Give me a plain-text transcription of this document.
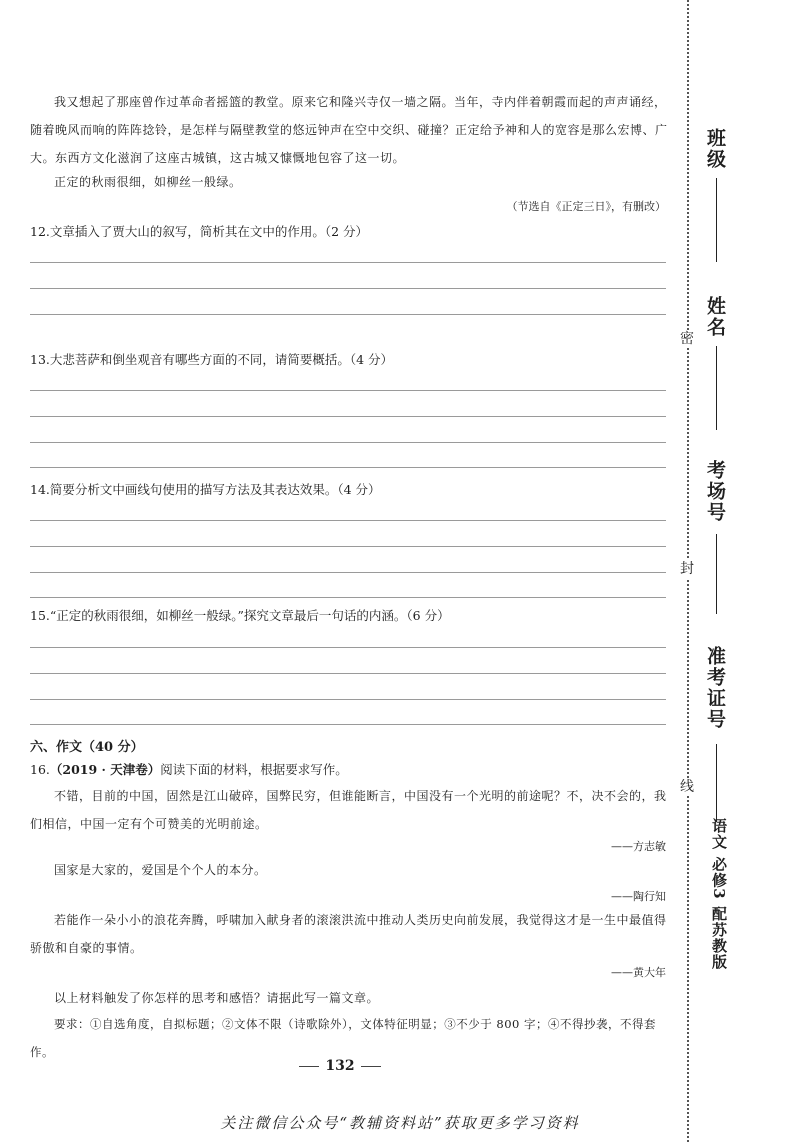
我又想起了那座曾作过革命者摇篮的教堂。原来它和隆兴寺仅一墙之隔。当年，寺内伴着朝霞而起的声声诵经，随着晚风而响的阵阵捻铃，是怎样与隔壁教堂的悠远钟声在空中交织、碰撞？正定给予神和人的宽容是那么宏博、广大。东西方文化滋润了这座古城镇，这古城又慷慨地包容了这一切。

正定的秋雨很细，如柳丝一般绿。

（节选自《正定三日》，有删改）

12.文章插入了贾大山的叙写，简析其在文中的作用。（2 分）

13.大悲菩萨和倒坐观音有哪些方面的不同，请简要概括。（4 分）

14.简要分析文中画线句使用的描写方法及其表达效果。（4 分）

15.“正定的秋雨很细，如柳丝一般绿。”探究文章最后一句话的内涵。（6 分）

六、作文（40 分）

16.（2019 · 天津卷）阅读下面的材料，根据要求写作。

不错，目前的中国，固然是江山破碎，国弊民穷，但谁能断言，中国没有一个光明的前途呢？不，决不会的，我们相信，中国一定有个可赞美的光明前途。

——方志敏

国家是大家的，爱国是个个人的本分。

——陶行知

若能作一朵小小的浪花奔腾，呼啸加入献身者的滚滚洪流中推动人类历史向前发展，我觉得这才是一生中最值得骄傲和自豪的事情。

——黄大年

以上材料触发了你怎样的思考和感悟？请据此写一篇文章。

要求：①自选角度，自拟标题；②文体不限（诗歌除外），文体特征明显；③不少于 800 字；④不得抄袭，不得套作。

132
关注微信公众号“教辅资料站”获取更多学习资料
班级
姓名
考场号
准考证号
密
封
线
语文 必修3 配苏教版
